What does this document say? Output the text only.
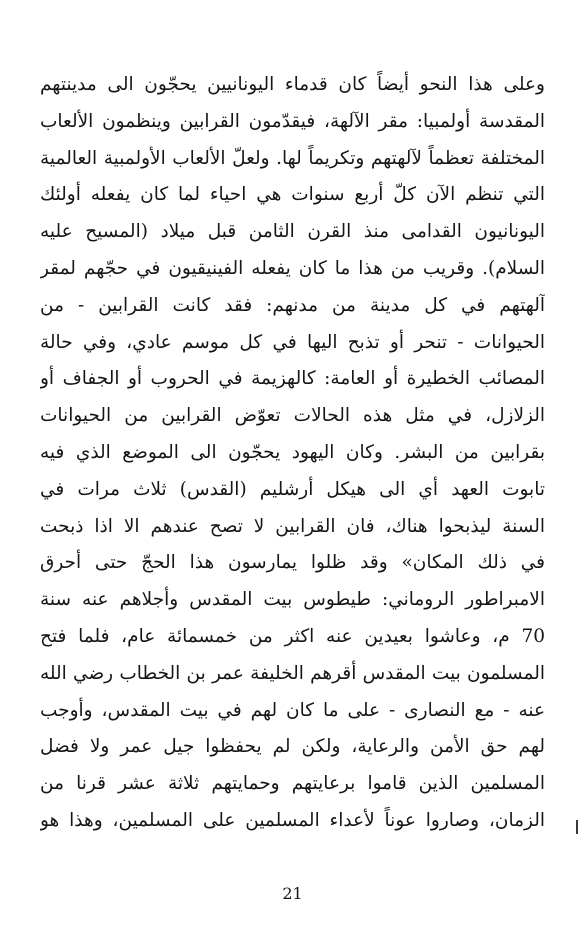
وعلى هذا النحو أيضاً كان قدماء اليونانيين يحجّون الى مدينتهم
المقدسة أولمبيا: مقر الآلهة، فيقدّمون القرابين وينظمون الألعاب
المختلفة تعظماً لآلهتهم وتكريماً لها. ولعلّ الألعاب الأولمبية العالمية
التي تنظم الآن كلّ أربع سنوات هي احياء لما كان يفعله أولئك
اليونانيون القدامى منذ القرن الثامن قبل ميلاد (المسيح عليه
السلام). وقريب من هذا ما كان يفعله الفينيقيون في حجّهم لمقر
آلهتهم في كل مدينة من مدنهم: فقد كانت القرابين - من
الحيوانات - تنحر أو تذبح اليها في كل موسم عادي، وفي حالة
المصائب الخطيرة أو العامة: كالهزيمة في الحروب أو الجفاف أو
الزلازل، في مثل هذه الحالات تعوّض القرابين من الحيوانات
بقرابين من البشر. وكان اليهود يحجّون الى الموضع الذي فيه
تابوت العهد أي الى هيكل أرشليم (القدس) ثلاث مرات في
السنة ليذبحوا هناك، فان القرابين لا تصح عندهم الا اذا ذبحت
في ذلك المكان» وقد ظلوا يمارسون هذا الحجّ حتى أحرق
الامبراطور الروماني: طيطوس بيت المقدس وأجلاهم عنه سنة
70 م، وعاشوا بعيدين عنه اكثر من خمسمائة عام، فلما فتح
المسلمون بيت المقدس أقرهم الخليفة عمر بن الخطاب رضي الله
عنه - مع النصارى - على ما كان لهم في بيت المقدس، وأوجب
لهم حق الأمن والرعاية، ولكن لم يحفظوا جيل عمر ولا فضل
المسلمين الذين قاموا برعايتهم وحمايتهم ثلاثة عشر قرنا من
الزمان، وصاروا عوناً لأعداء المسلمين على المسلمين، وهذا هو
21
